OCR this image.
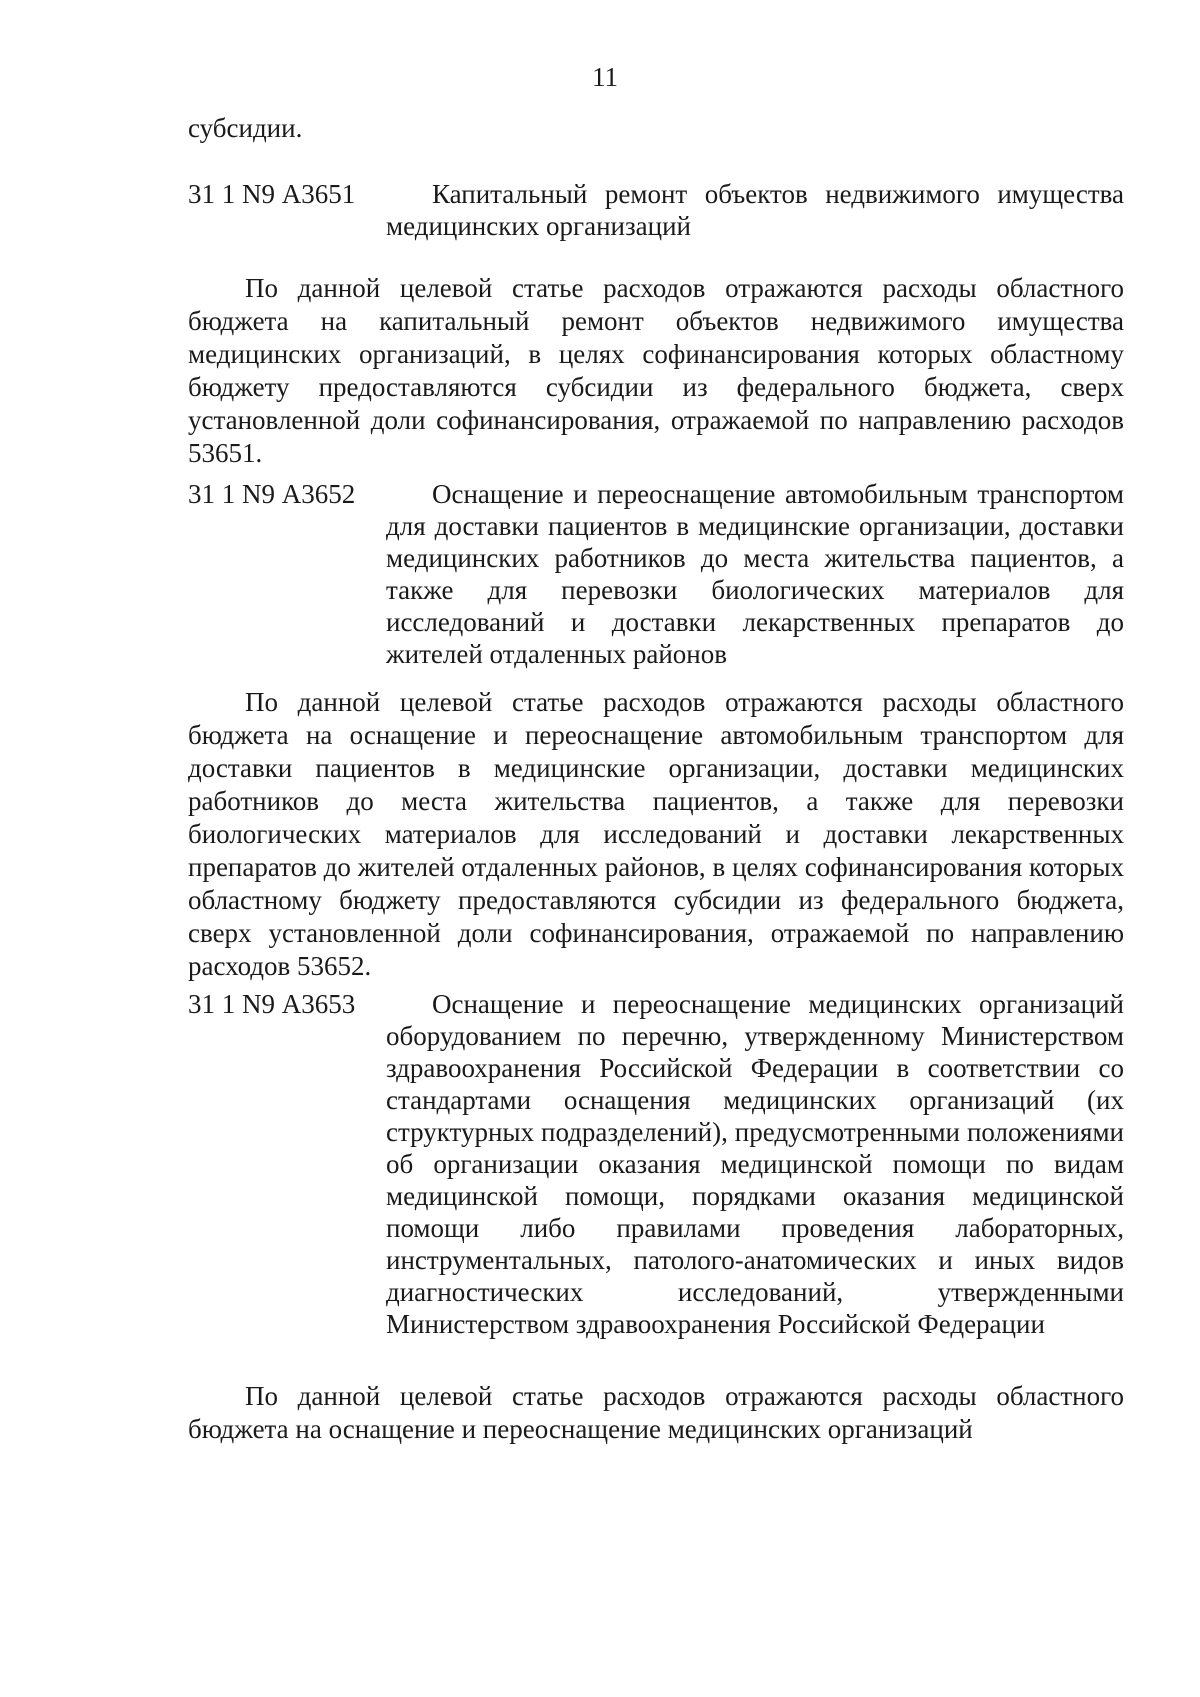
11

субсидии.

31 1 N9 А3651	Капитальный ремонт объектов недвижимого имущества медицинских организаций

По данной целевой статье расходов отражаются расходы областного бюджета на капитальный ремонт объектов недвижимого имущества медицинских организаций, в целях софинансирования которых областному бюджету предоставляются субсидии из федерального бюджета, сверх установленной доли софинансирования, отражаемой по направлению расходов 53651.

31 1 N9 А3652	Оснащение и переоснащение автомобильным транспортом для доставки пациентов в медицинские организации, доставки медицинских работников до места жительства пациентов, а также для перевозки биологических материалов для исследований и доставки лекарственных препаратов до жителей отдаленных районов

По данной целевой статье расходов отражаются расходы областного бюджета на оснащение и переоснащение автомобильным транспортом для доставки пациентов в медицинские организации, доставки медицинских работников до места жительства пациентов, а также для перевозки биологических материалов для исследований и доставки лекарственных препаратов до жителей отдаленных районов, в целях софинансирования которых областному бюджету предоставляются субсидии из федерального бюджета, сверх установленной доли софинансирования, отражаемой по направлению расходов 53652.

31 1 N9 А3653	Оснащение и переоснащение медицинских организаций оборудованием по перечню, утвержденному Министерством здравоохранения Российской Федерации в соответствии со стандартами оснащения медицинских организаций (их структурных подразделений), предусмотренными положениями об организации оказания медицинской помощи по видам медицинской помощи, порядками оказания медицинской помощи либо правилами проведения лабораторных, инструментальных, патолого-анатомических и иных видов диагностических исследований, утвержденными Министерством здравоохранения Российской Федерации

По данной целевой статье расходов отражаются расходы областного бюджета на оснащение и переоснащение медицинских организаций
